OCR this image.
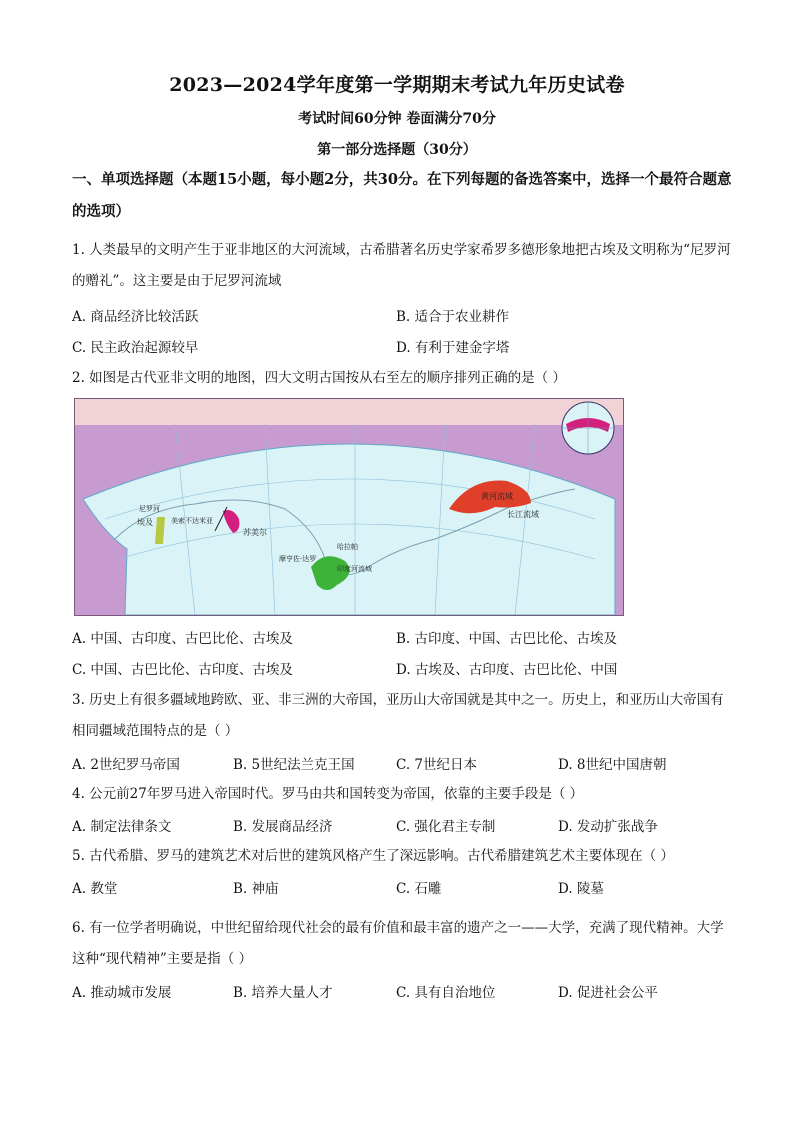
2023—2024学年度第一学期期末考试九年历史试卷
考试时间60分钟 卷面满分70分
第一部分选择题（30分）
一、单项选择题（本题15小题，每小题2分，共30分。在下列每题的备选答案中，选择一个最符合题意的选项）
1. 人类最早的文明产生于亚非地区的大河流域，古希腊著名历史学家希罗多德形象地把古埃及文明称为“尼罗河的赠礼”。这主要是由于尼罗河流域
A. 商品经济比较活跃	B. 适合于农业耕作
C. 民主政治起源较早	D. 有利于建金字塔
2. 如图是古代亚非文明的地图，四大文明古国按从右至左的顺序排列正确的是（ ）
尼罗河
埃及	美索不达米亚
苏美尔
摩亨佐·达罗
哈拉帕
印度河流域
黄河流域
长江流域
A. 中国、古印度、古巴比伦、古埃及	B. 古印度、中国、古巴比伦、古埃及
C. 中国、古巴比伦、古印度、古埃及	D. 古埃及、古印度、古巴比伦、中国
3. 历史上有很多疆域地跨欧、亚、非三洲的大帝国，亚历山大帝国就是其中之一。历史上，和亚历山大帝国有相同疆域范围特点的是（ ）
A. 2世纪罗马帝国	B. 5世纪法兰克王国	C. 7世纪日本	D. 8世纪中国唐朝
4. 公元前27年罗马进入帝国时代。罗马由共和国转变为帝国，依靠的主要手段是（ ）
A. 制定法律条文	B. 发展商品经济	C. 强化君主专制	D. 发动扩张战争
5. 古代希腊、罗马的建筑艺术对后世的建筑风格产生了深远影响。古代希腊建筑艺术主要体现在（ ）
A. 教堂	B. 神庙	C. 石雕	D. 陵墓
6. 有一位学者明确说，中世纪留给现代社会的最有价值和最丰富的遗产之一——大学，充满了现代精神。大学这种“现代精神”主要是指（ ）
A. 推动城市发展	B. 培养大量人才	C. 具有自治地位	D. 促进社会公平
